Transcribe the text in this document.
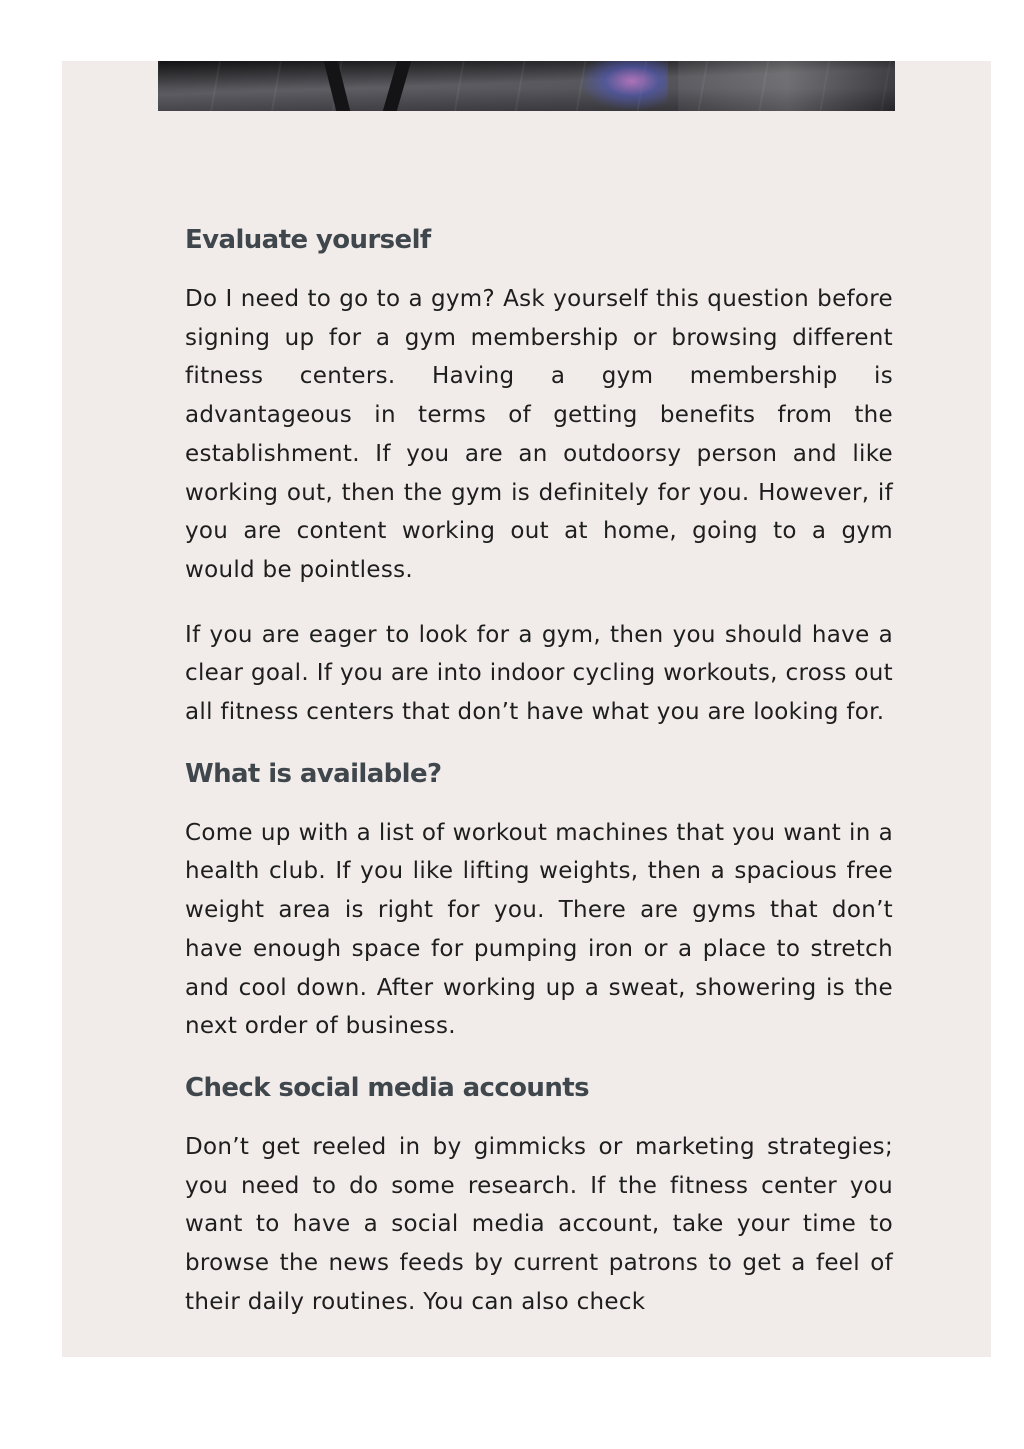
Evaluate yourself

Do I need to go to a gym? Ask yourself this question before signing up for a gym membership or browsing different fitness centers. Having a gym membership is advantageous in terms of getting benefits from the establishment. If you are an outdoorsy person and like working out, then the gym is definitely for you. However, if you are content working out at home, going to a gym would be pointless.

If you are eager to look for a gym, then you should have a clear goal. If you are into indoor cycling workouts, cross out all fitness centers that don’t have what you are looking for.

What is available?

Come up with a list of workout machines that you want in a health club. If you like lifting weights, then a spacious free weight area is right for you. There are gyms that don’t have enough space for pumping iron or a place to stretch and cool down. After working up a sweat, showering is the next order of business.

Check social media accounts

Don’t get reeled in by gimmicks or marketing strategies; you need to do some research. If the fitness center you want to have a social media account, take your time to browse the news feeds by current patrons to get a feel of their daily routines. You can also check
